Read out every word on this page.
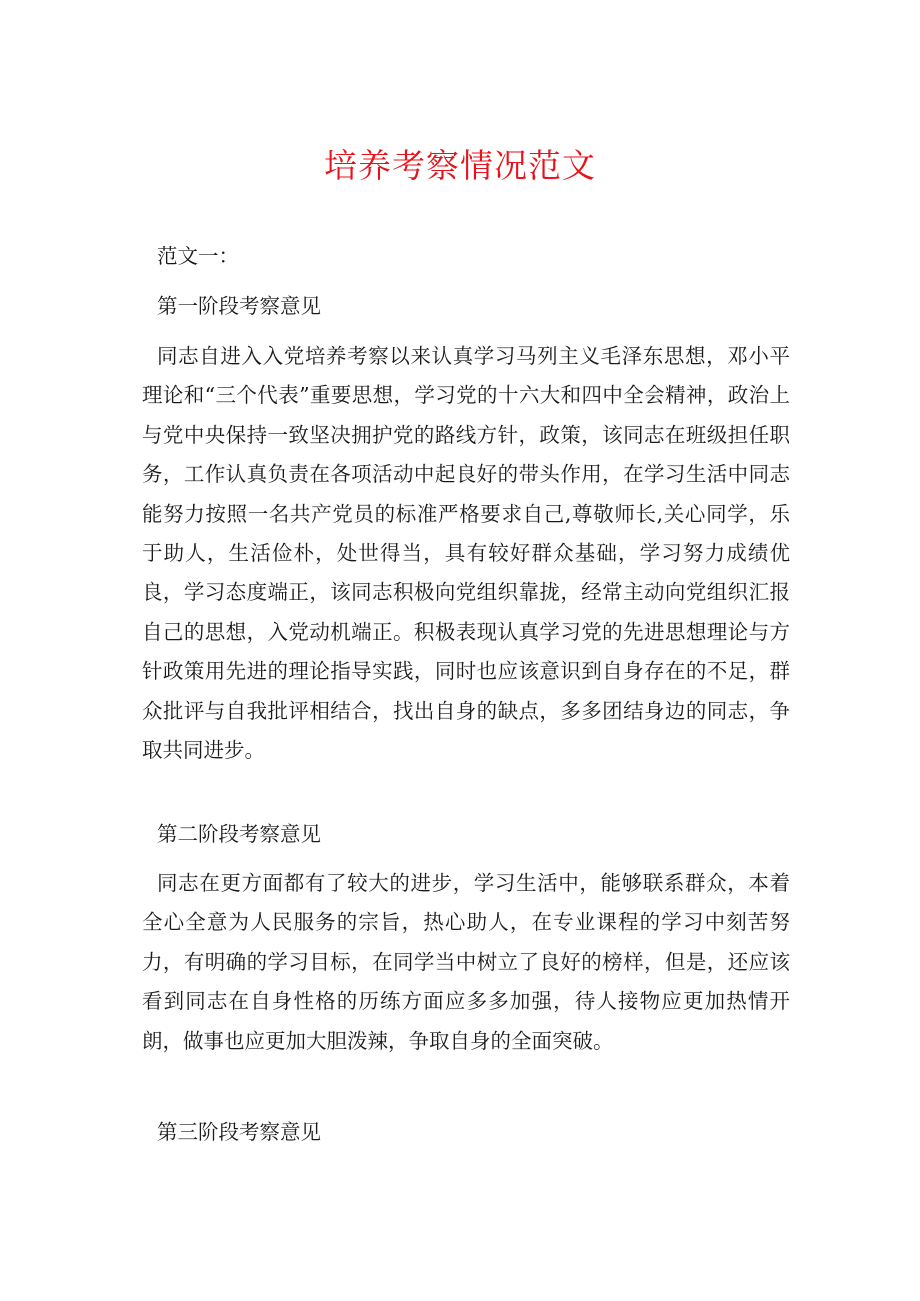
培养考察情况范文

范文一：

第一阶段考察意见

同志自进入入党培养考察以来认真学习马列主义毛泽东思想，邓小平理论和“三个代表”重要思想，学习党的十六大和四中全会精神，政治上与党中央保持一致坚决拥护党的路线方针，政策，该同志在班级担任职务，工作认真负责在各项活动中起良好的带头作用，在学习生活中同志能努力按照一名共产党员的标准严格要求自己,尊敬师长,关心同学，乐于助人，生活俭朴，处世得当，具有较好群众基础，学习努力成绩优良，学习态度端正，该同志积极向党组织靠拢，经常主动向党组织汇报自己的思想，入党动机端正。积极表现认真学习党的先进思想理论与方针政策用先进的理论指导实践，同时也应该意识到自身存在的不足，群众批评与自我批评相结合，找出自身的缺点，多多团结身边的同志，争取共同进步。

第二阶段考察意见

同志在更方面都有了较大的进步，学习生活中，能够联系群众，本着全心全意为人民服务的宗旨，热心助人，在专业课程的学习中刻苦努力，有明确的学习目标，在同学当中树立了良好的榜样，但是，还应该看到同志在自身性格的历练方面应多多加强，待人接物应更加热情开朗，做事也应更加大胆泼辣，争取自身的全面突破。

第三阶段考察意见
